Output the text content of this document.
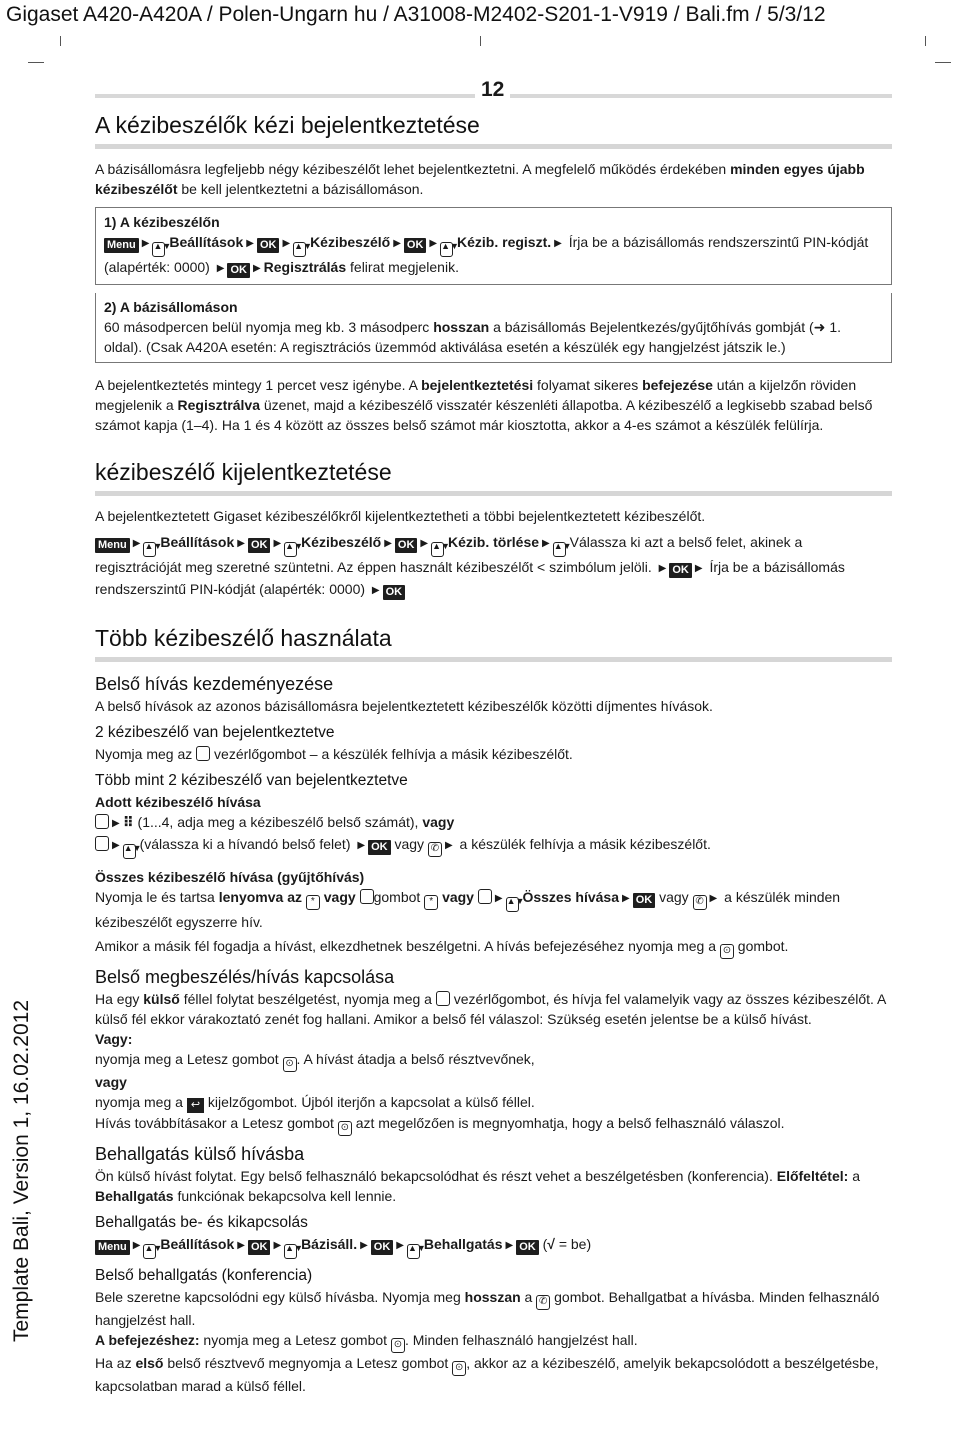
Gigaset A420-A420A / Polen-Ungarn hu / A31008-M2402-S201-1-V919 / Bali.fm / 5/3/12
Template Bali, Version 1, 16.02.2012
12
A kézibeszélők kézi bejelentkeztetése

A bázisállomásra legfeljebb négy kézibeszélőt lehet bejelentkeztetni. A megfelelő működés érdekében minden egyes újabb kézibeszélőt be kell jelentkeztetni a bázisállomáson.

1) A kézibeszélőn

Menu ▶ ▲▼ Beállítások ▶ OK ▶ ▲▼ Kézibeszélő ▶ OK ▶ ▲▼ Kézib. regiszt. ▶ Írja be a bázisállomás rendszerszintű PIN-kódját (alapérték: 0000) ▶ OK ▶ Regisztrálás felirat megjelenik.

2) A bázisállomáson

60 másodpercen belül nyomja meg kb. 3 másodperc hosszan a bázisállomás Bejelentkezés/gyűjtőhívás gombját (➜ 1. oldal). (Csak A420A esetén: A regisztrációs üzemmód aktiválása esetén a készülék egy hangjelzést játszik le.)

A bejelentkeztetés mintegy 1 percet vesz igénybe. A bejelentkeztetési folyamat sikeres befejezése után a kijelzőn röviden megjelenik a Regisztrálva üzenet, majd a kézibeszélő visszatér készenléti állapotba. A kézibeszélő a legkisebb szabad belső számot kapja (1–4). Ha 1 és 4 között az összes belső számot már kiosztotta, akkor a 4-es számot a készülék felülírja.

kézibeszélő kijelentkeztetése

A bejelentkeztetett Gigaset kézibeszélőkről kijelentkeztetheti a többi bejelentkeztetett kézibeszélőt.

Menu ▶ ▲▼ Beállítások ▶ OK ▶ ▲▼ Kézibeszélő ▶ OK ▶ ▲▼ Kézib. törlése ▶ ▲▼ Válassza ki azt a belső felet, akinek a regisztrációját meg szeretné szüntetni. Az éppen használt kézibeszélőt < szimbólum jelöli. ▶ OK ▶ Írja be a bázisállomás rendszerszintű PIN-kódját (alapérték: 0000) ▶ OK

Több kézibeszélő használata
Belső hívás kezdeményezése

A belső hívások az azonos bázisállomásra bejelentkeztetett kézibeszélők közötti díjmentes hívások.

2 kézibeszélő van bejelentkeztetve

Nyomja meg az  vezérlőgombot – a készülék felhívja a másik kézibeszélőt.

Több mint 2 kézibeszélő van bejelentkeztetve

Adott kézibeszélő hívása

▶ ⠿ (1...4, adja meg a kézibeszélő belső számát), vagy

▶ ▲▼ (válassza ki a hívandó belső felet) ▶ OK vagy ✆ ▶ a készülék felhívja a másik kézibeszélőt.

Összes kézibeszélő hívása (gyűjtőhívás)

Nyomja le és tartsa lenyomva az * vagy gombot * vagy ▶ ▲▼ Összes hívása ▶ OK vagy ✆ ▶ a készülék minden kézibeszélőt egyszerre hív.

Amikor a másik fél fogadja a hívást, elkezdhetnek beszélgetni. A hívás befejezéséhez nyomja meg a ⊙ gombot.

Belső megbeszélés/hívás kapcsolása

Ha egy külső féllel folytat beszélgetést, nyomja meg a  vezérlőgombot, és hívja fel valamelyik vagy az összes kézibeszélőt. A külső fél ekkor várakoztató zenét fog hallani. Amikor a belső fél válaszol: Szükség esetén jelentse be a külső hívást.

Vagy:

nyomja meg a Letesz gombot ⊙ . A hívást átadja a belső résztvevőnek,

vagy

nyomja meg a ↩ kijelzőgombot. Újból iterjőn a kapcsolat a külső féllel.

Hívás továbbításakor a Letesz gombot ⊙ azt megelőzően is megnyomhatja, hogy a belső felhasználó válaszol.

Behallgatás külső hívásba

Ön külső hívást folytat. Egy belső felhasználó bekapcsolódhat és részt vehet a beszélgetésben (konferencia). Előfeltétel: a Behallgatás funkciónak bekapcsolva kell lennie.

Behallgatás be- és kikapcsolás

Menu ▶ ▲▼ Beállítások ▶ OK ▶ ▲▼ Bázisáll. ▶ OK ▶ ▲▼ Behallgatás ▶ OK (√ = be)

Belső behallgatás (konferencia)

Bele szeretne kapcsolódni egy külső hívásba. Nyomja meg hosszan a ✆ gombot. Behallgatbat a hívásba. Minden felhasználó hangjelzést hall.

A befejezéshez: nyomja meg a Letesz gombot ⊙ . Minden felhasználó hangjelzést hall.

Ha az első belső résztvevő megnyomja a Letesz gombot ⊙ , akkor az a kézibeszélő, amelyik bekapcsolódott a beszélgetésbe, kapcsolatban marad a külső féllel.
